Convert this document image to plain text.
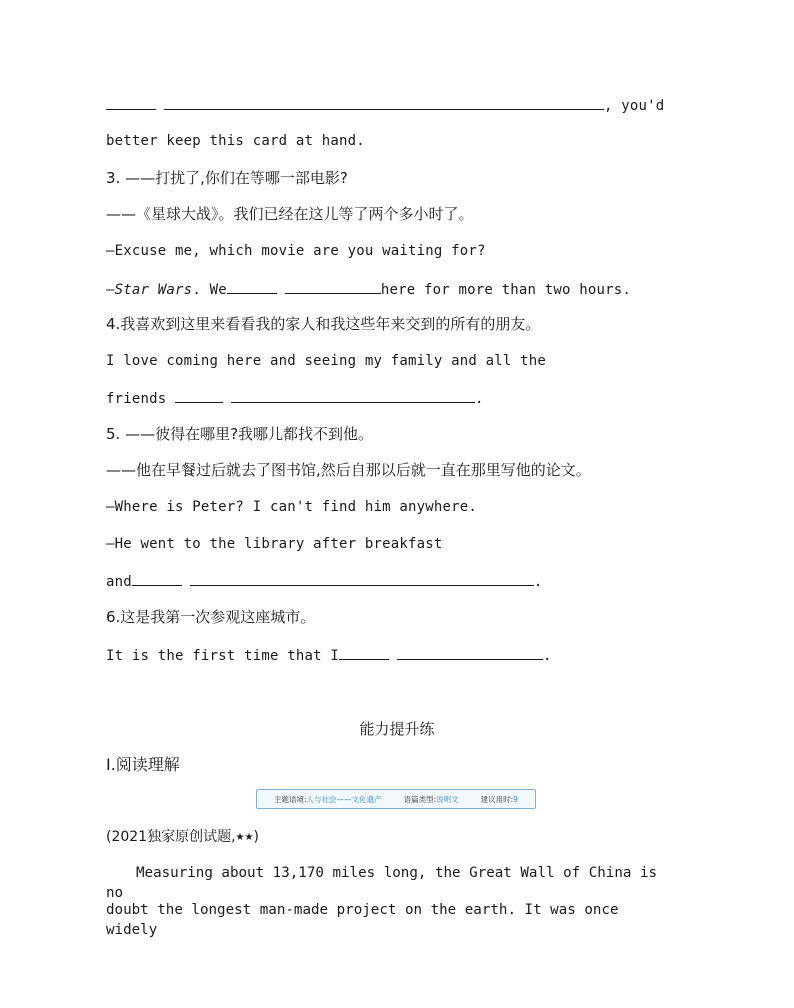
, you'd
better keep this card at hand.
3. ——打扰了,你们在等哪一部电影?
——《星球大战》。我们已经在这儿等了两个多小时了。
—Excuse me, which movie are you waiting for?
—Star Wars. We	here for more than two hours.
4.我喜欢到这里来看看我的家人和我这些年来交到的所有的朋友。
I love coming here and seeing my family and all the
friends	.
5. ——彼得在哪里?我哪儿都找不到他。
——他在早餐过后就去了图书馆,然后自那以后就一直在那里写他的论文。
—Where is Peter? I can't find him anywhere.
—He went to the library after breakfast
and	.
6.这是我第一次参观这座城市。
It is the first time that I	.
能力提升练
Ⅰ.阅读理解
主题语境:人与社会——文化遗产	语篇类型:说明文	建议用时:9
(2021独家原创试题,★★)
Measuring about 13,170 miles long, the Great Wall of China is no
doubt the longest man-made project on the earth. It was once widely
